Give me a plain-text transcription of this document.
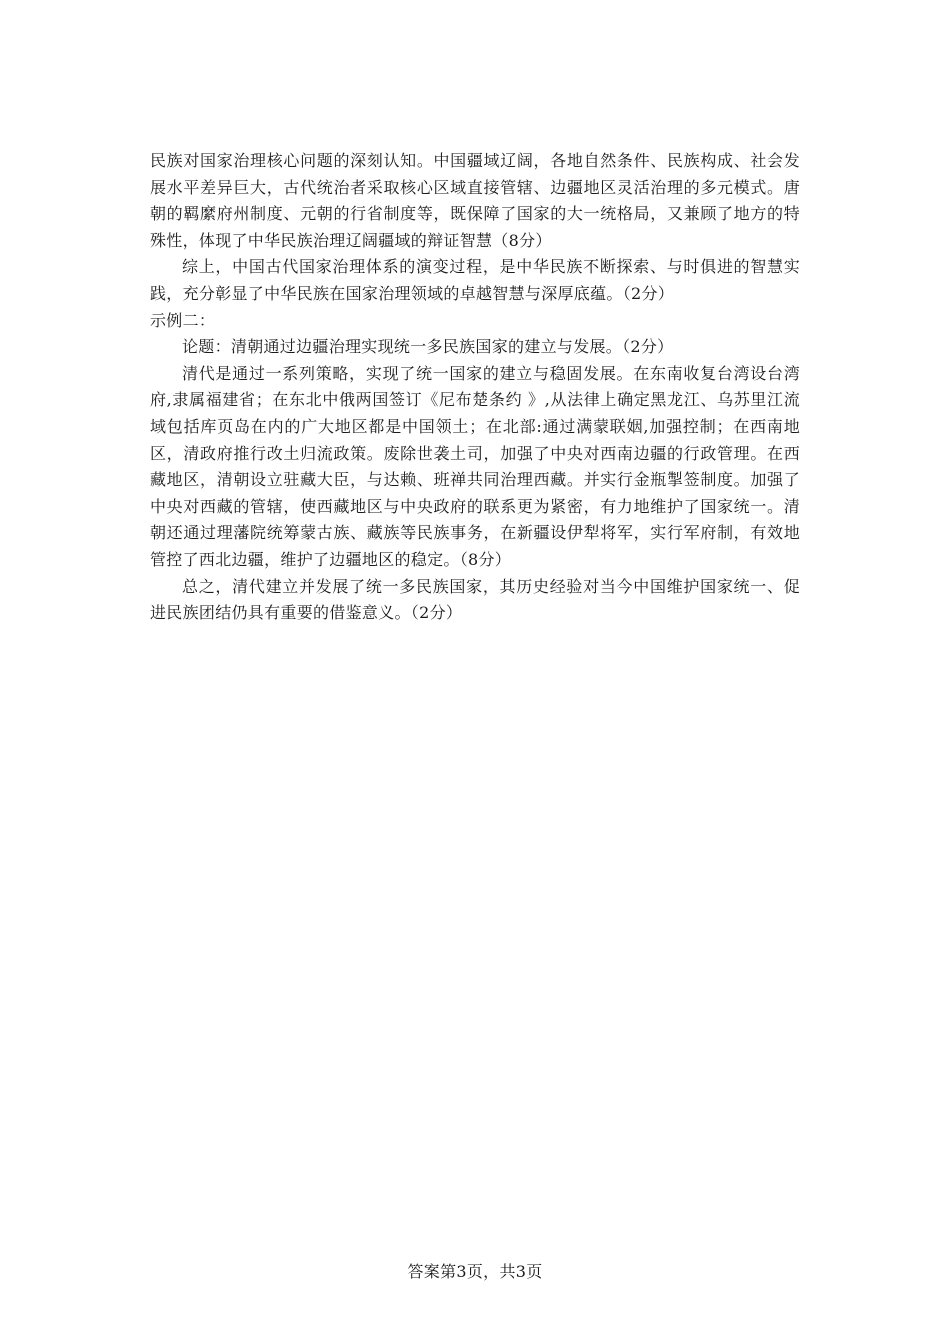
民族对国家治理核心问题的深刻认知。中国疆域辽阔，各地自然条件、民族构成、社会发展水平差异巨大，古代统治者采取核心区域直接管辖、边疆地区灵活治理的多元模式。唐朝的羁縻府州制度、元朝的行省制度等，既保障了国家的大一统格局，又兼顾了地方的特殊性，体现了中华民族治理辽阔疆域的辩证智慧（8分）

综上，中国古代国家治理体系的演变过程，是中华民族不断探索、与时俱进的智慧实践，充分彰显了中华民族在国家治理领域的卓越智慧与深厚底蕴。（2分）

示例二：

论题：清朝通过边疆治理实现统一多民族国家的建立与发展。（2分）

清代是通过一系列策略，实现了统一国家的建立与稳固发展。在东南收复台湾设台湾府,隶属福建省；在东北中俄两国签订《尼布楚条约 》,从法律上确定黑龙江、乌苏里江流域包括库页岛在内的广大地区都是中国领土；在北部:通过满蒙联姻,加强控制；在西南地区，清政府推行改土归流政策。废除世袭土司，加强了中央对西南边疆的行政管理。在西藏地区，清朝设立驻藏大臣，与达赖、班禅共同治理西藏。并实行金瓶掣签制度。加强了中央对西藏的管辖，使西藏地区与中央政府的联系更为紧密，有力地维护了国家统一。清朝还通过理藩院统筹蒙古族、藏族等民族事务，在新疆设伊犁将军，实行军府制，有效地管控了西北边疆，维护了边疆地区的稳定。（8分）

总之，清代建立并发展了统一多民族国家，其历史经验对当今中国维护国家统一、促进民族团结仍具有重要的借鉴意义。（2分）

答案第3页，共3页
